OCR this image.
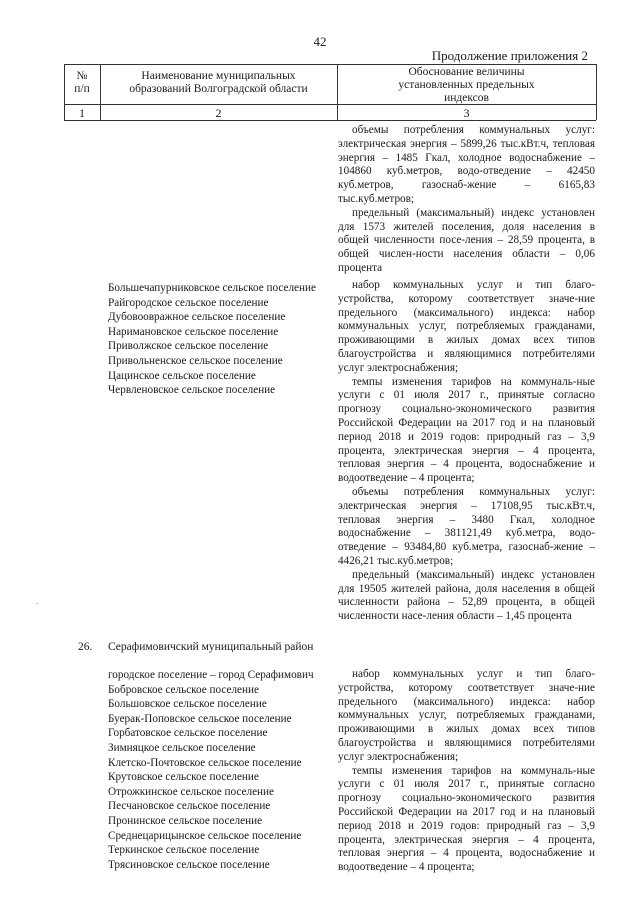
42
Продолжение приложения 2
№
п/п
Наименование муниципальных
образований Волгоградской области
Обоснование величины
установленных предельных
индексов
1	2	3

объемы потребления коммунальных услуг: электрическая энергия – 5899,26 тыс.кВт.ч, тепловая энергия – 1485 Гкал, холодное водоснабжение – 104860 куб.метров, водо-отведение – 42450 куб.метров, газоснаб-жение – 6165,83 тыс.куб.метров;

предельный (максимальный) индекс установлен для 1573 жителей поселения, доля населения в общей численности посе-ления – 28,59 процента, в общей числен-ности населения области – 0,06 процента

Большечапурниковское сельское поселение
Райгородское сельское поселение
Дубовоовражное сельское поселение
Наримановское сельское поселение
Приволжское сельское поселение
Привольненское сельское поселение
Цацинское сельское поселение
Червленовское сельское поселение

набор коммунальных услуг и тип благо-устройства, которому соответствует значе-ние предельного (максимального) индекса: набор коммунальных услуг, потребляемых гражданами, проживающими в жилых домах всех типов благоустройства и являющимися потребителями услуг электроснабжения;

темпы изменения тарифов на коммуналь-ные услуги с 01 июля 2017 г., принятые согласно прогнозу социально-экономического развития Российской Федерации на 2017 год и на плановый период 2018 и 2019 годов: природный газ – 3,9 процента, электрическая энергия – 4 процента, тепловая энергия – 4 процента, водоснабжение и водоотведение – 4 процента;

объемы потребления коммунальных услуг: электрическая энергия – 17108,95 тыс.кВт.ч, тепловая энергия – 3480 Гкал, холодное водоснабжение – 381121,49 куб.метра, водо-отведение – 93484,80 куб.метра, газоснаб-жение – 4426,21 тыс.куб.метров;

предельный (максимальный) индекс установлен для 19505 жителей района, доля населения в общей численности района – 52,89 процента, в общей численности насе-ления области – 1,45 процента

.
26. Серафимовичский муниципальный район
городское поселение – город Серафимович
Бобровское сельское поселение
Большовское сельское поселение
Буерак-Поповское сельское поселение
Горбатовское сельское поселение
Зимняцкое сельское поселение
Клетско-Почтовское сельское поселение
Крутовское сельское поселение
Отрожкинское сельское поселение
Песчановское сельское поселение
Пронинское сельское поселение
Среднецарицынское сельское поселение
Теркинское сельское поселение
Трясиновское сельское поселение

набор коммунальных услуг и тип благо-устройства, которому соответствует значе-ние предельного (максимального) индекса: набор коммунальных услуг, потребляемых гражданами, проживающими в жилых домах всех типов благоустройства и являющимися потребителями услуг электроснабжения;

темпы изменения тарифов на коммуналь-ные услуги с 01 июля 2017 г., принятые согласно прогнозу социально-экономического развития Российской Федерации на 2017 год и на плановый период 2018 и 2019 годов: природный газ – 3,9 процента, электрическая энергия – 4 процента, тепловая энергия – 4 процента, водоснабжение и водоотведение – 4 процента;
